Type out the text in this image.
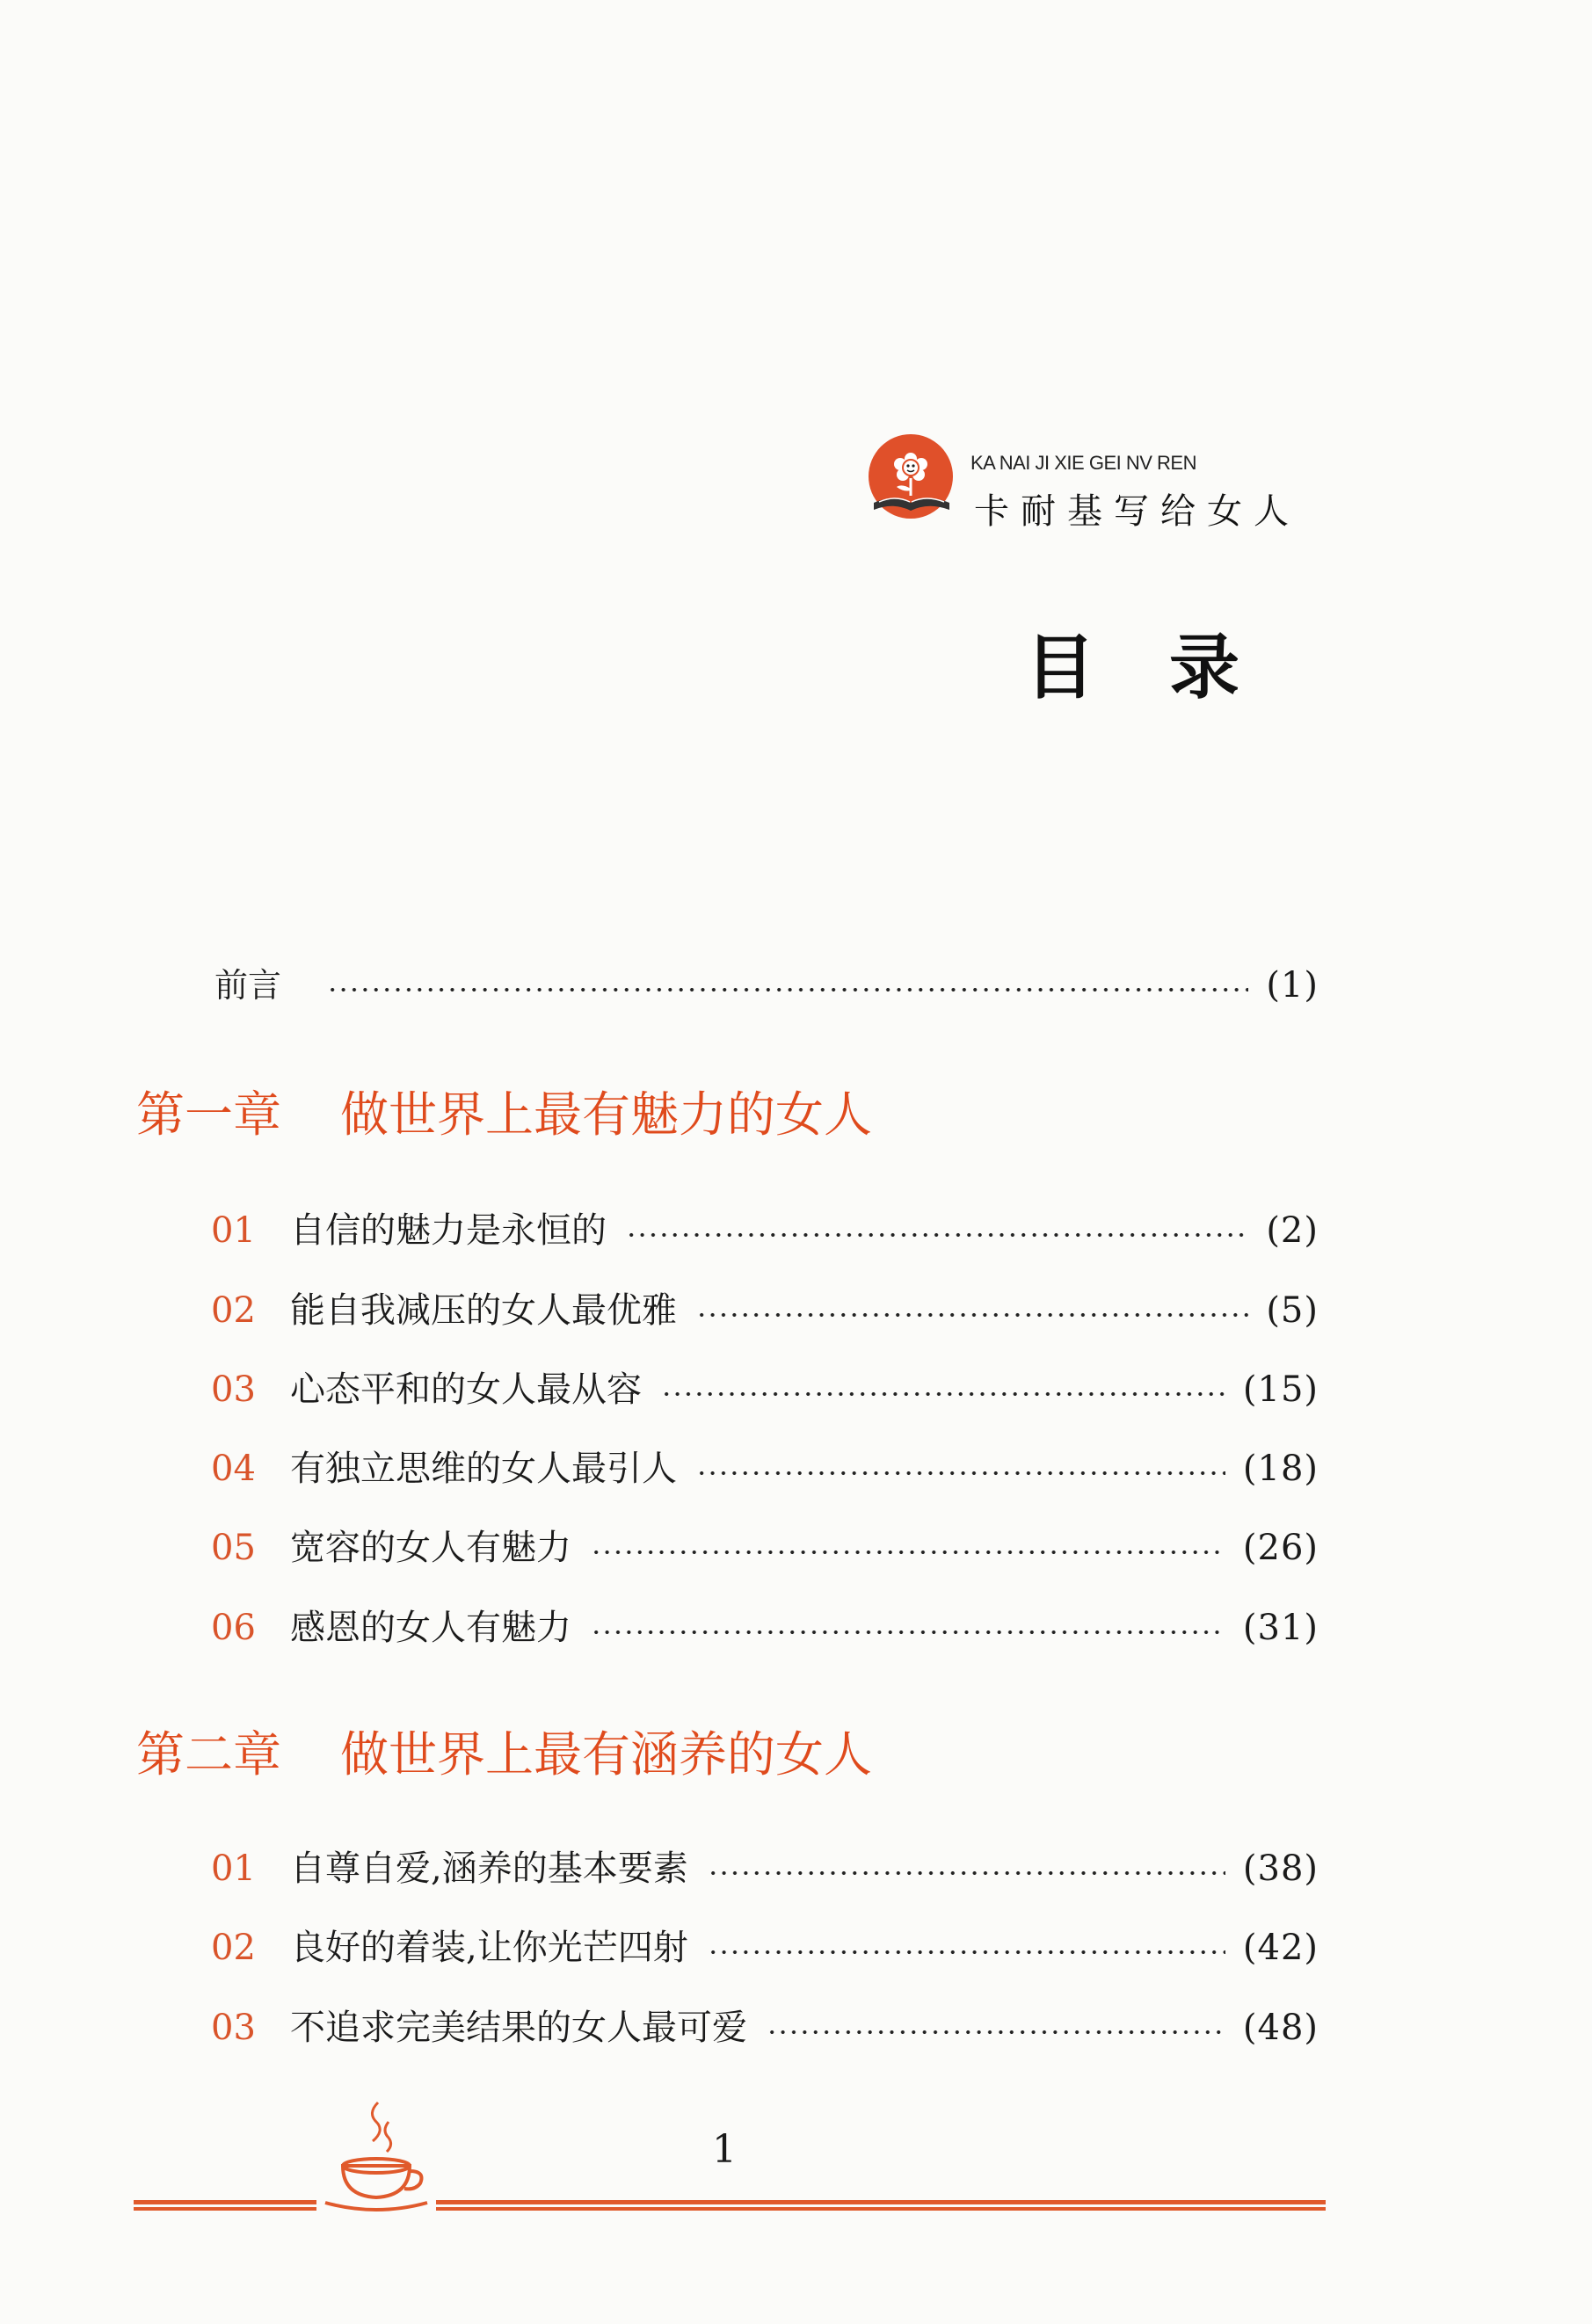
KA NAI JI XIE GEI NV REN
卡耐基写给女人
目录
前言	(1)
第一章 做世界上最有魅力的女人
01 自信的魅力是永恒的	(2)
02 能自我减压的女人最优雅	(5)
03 心态平和的女人最从容	(15)
04 有独立思维的女人最引人	(18)
05 宽容的女人有魅力	(26)
06 感恩的女人有魅力	(31)
第二章 做世界上最有涵养的女人
01 自尊自爱,涵养的基本要素	(38)
02 良好的着装,让你光芒四射	(42)
03 不追求完美结果的女人最可爱	(48)
1
